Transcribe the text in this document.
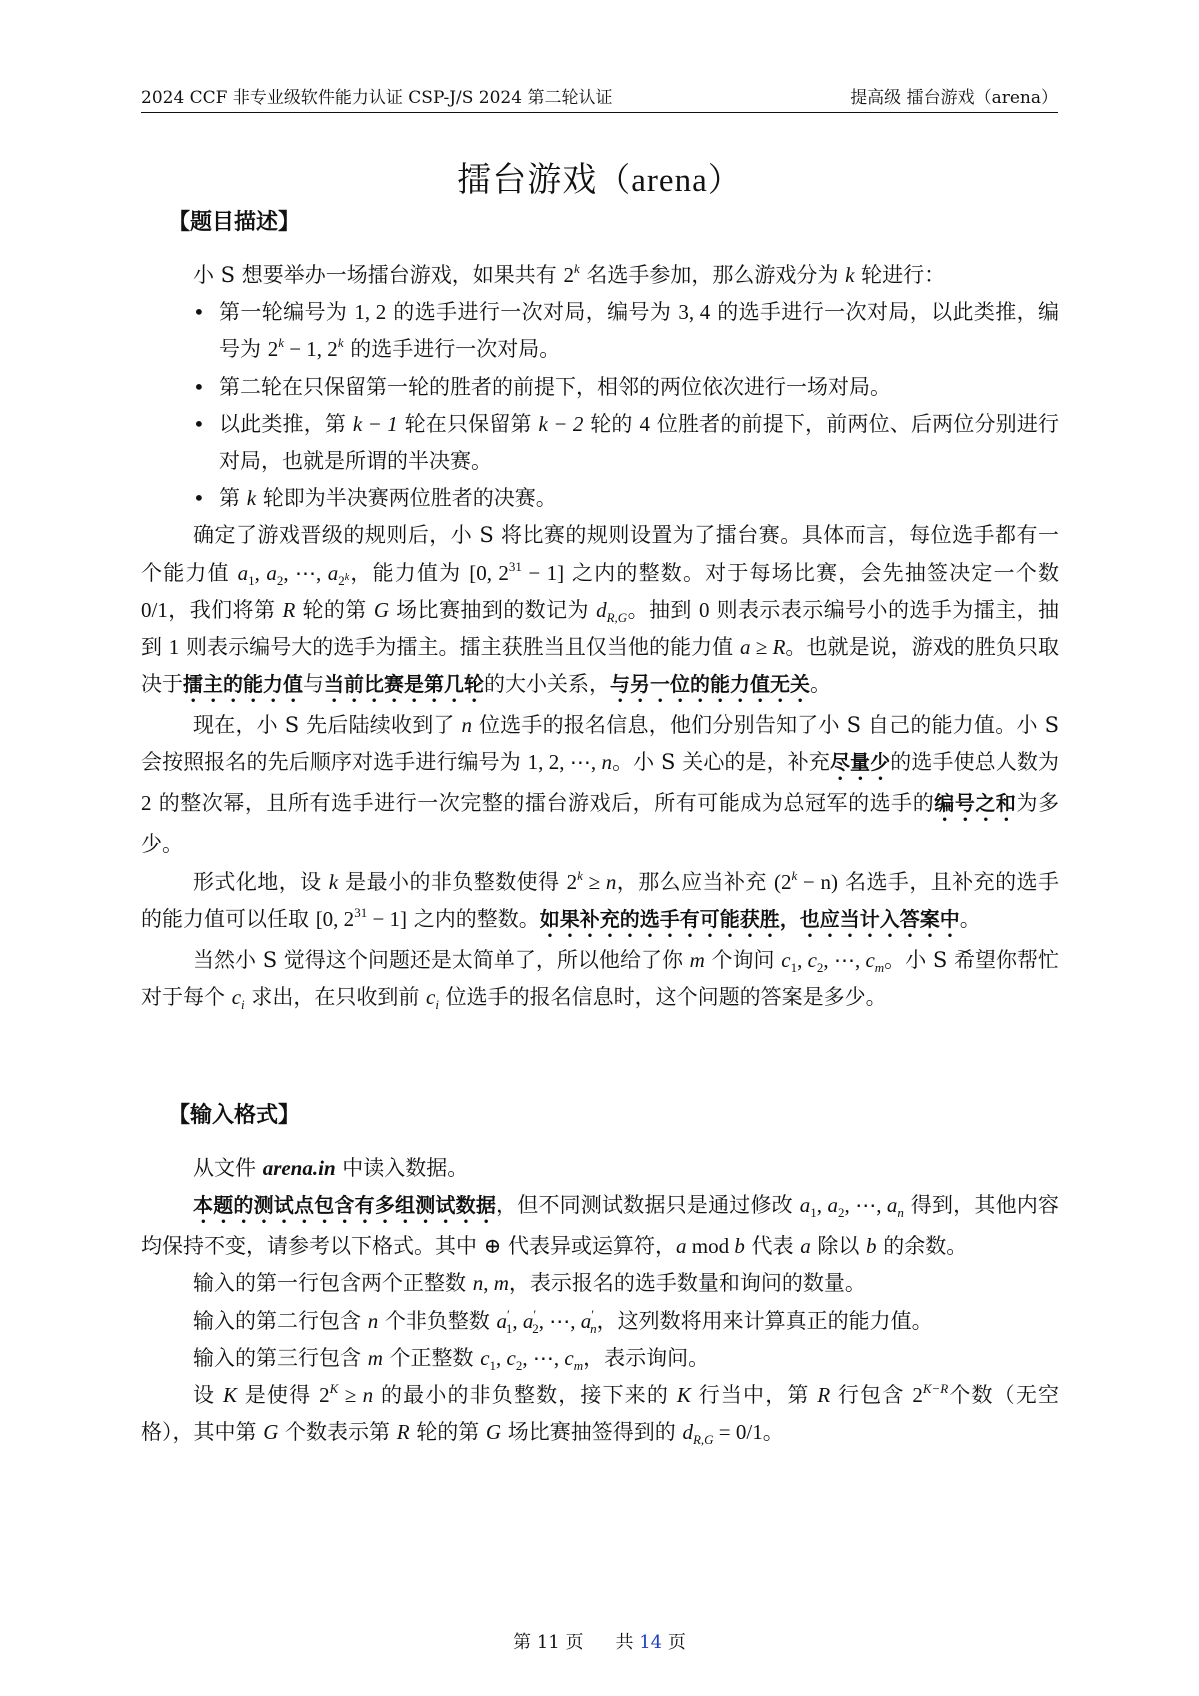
2024 CCF 非专业级软件能力认证 CSP-J/S 2024 第二轮认证	提高级 擂台游戏（arena）
擂台游戏（arena）
【题目描述】

小 S 想要举办一场擂台游戏，如果共有 2$^k$ 名选手参加，那么游戏分为 k 轮进行：

• 第一轮编号为 1, 2 的选手进行一次对局，编号为 3, 4 的选手进行一次对局，以此类推，编号为 $2^k - 1$, 2$^k$ 的选手进行一次对局。
• 第二轮在只保留第一轮的胜者的前提下，相邻的两位依次进行一场对局。
• 以此类推，第 k − 1 轮在只保留第 k − 2 轮的 4 位胜者的前提下，前两位、后两位分别进行对局，也就是所谓的半决赛。
• 第 k 轮即为半决赛两位胜者的决赛。

确定了游戏晋级的规则后，小 S 将比赛的规则设置为了擂台赛。具体而言，每位选手都有一个能力值 $a_1$, $a_2$, ⋯, $a_{2^k}$，能力值为 [0, $2^{31} - 1$] 之内的整数。对于每场比赛，会先抽签决定一个数 0/1，我们将第 R 轮的第 G 场比赛抽到的数记为 $d_{R,G}$。抽到 0 则表示表示编号小的选手为擂主，抽到 1 则表示编号大的选手为擂主。擂主获胜当且仅当他的能力值 a ≥ R。也就是说，游戏的胜负只取决于擂主的能力值与当前比赛是第几轮的大小关系，与另一位的能力值无关。

现在，小 S 先后陆续收到了 n 位选手的报名信息，他们分别告知了小 S 自己的能力值。小 S 会按照报名的先后顺序对选手进行编号为 1, 2, ⋯, n。小 S 关心的是，补充尽量少的选手使总人数为 2 的整次幂，且所有选手进行一次完整的擂台游戏后，所有可能成为总冠军的选手的编号之和为多少。

形式化地，设 k 是最小的非负整数使得 $2^k \ge n$，那么应当补充 $(2^k - n)$ 名选手，且补充的选手的能力值可以任取 [0, $2^{31} - 1$] 之内的整数。如果补充的选手有可能获胜，也应当计入答案中。

当然小 S 觉得这个问题还是太简单了，所以他给了你 m 个询问 $c_1$, $c_2$, ⋯, $c_m$。小 S 希望你帮忙对于每个 $c_i$ 求出，在只收到前 $c_i$ 位选手的报名信息时，这个问题的答案是多少。

【输入格式】

从文件 arena.in 中读入数据。

本题的测试点包含有多组测试数据，但不同测试数据只是通过修改 $a_1$, $a_2$, ⋯, $a_n$ 得到，其他内容均保持不变，请参考以下格式。其中 ⊕ 代表异或运算符，a mod b 代表 a 除以 b 的余数。

输入的第一行包含两个正整数 n, m，表示报名的选手数量和询问的数量。

输入的第二行包含 n 个非负整数 $a'_1$, $a'_2$, ⋯, $a'_n$，这列数将用来计算真正的能力值。

输入的第三行包含 m 个正整数 $c_1$, $c_2$, ⋯, $c_m$，表示询问。

设 K 是使得 $2^K \ge n$ 的最小的非负整数，接下来的 K 行当中，第 R 行包含 $2^{K-R}$个数（无空格），其中第 G 个数表示第 R 轮的第 G 场比赛抽签得到的 $d_{R,G} = 0/1$。

第 11 页 共 14 页
